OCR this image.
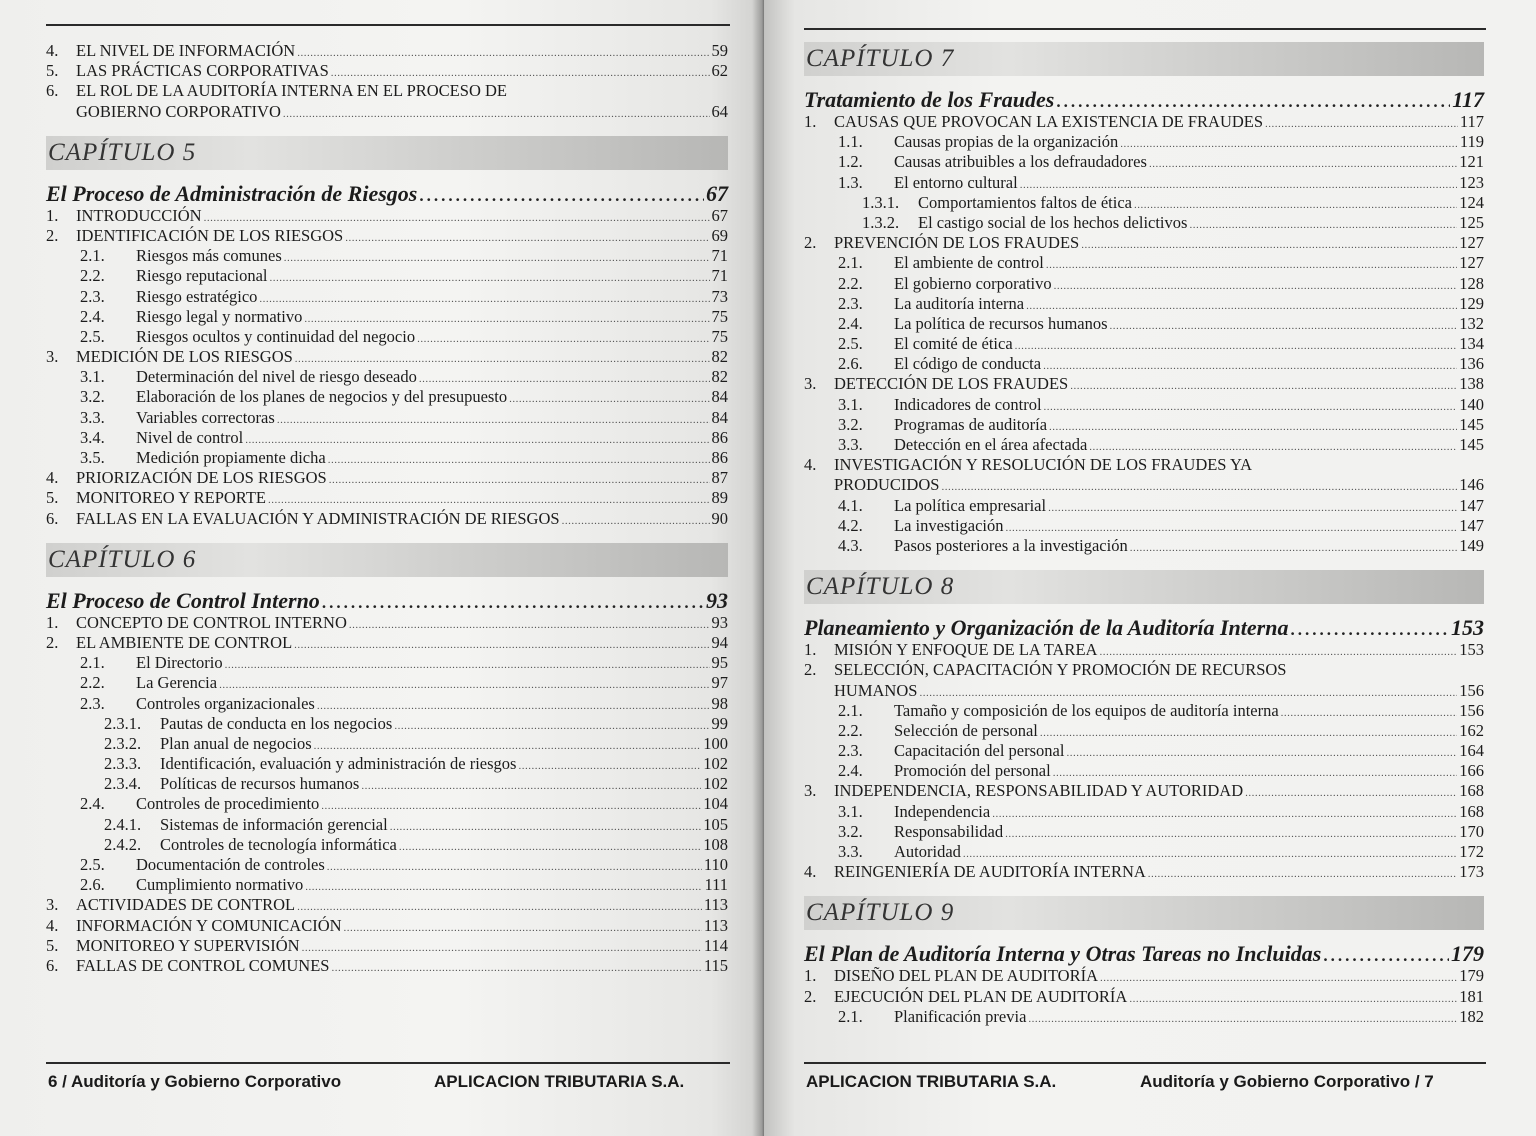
4.	EL NIVEL DE INFORMACIÓN .....	59
5.	LAS PRÁCTICAS CORPORATIVAS .....	62
6.	EL ROL DE LA AUDITORÍA INTERNA EN EL PROCESO DE
GOBIERNO CORPORATIVO .....	64
CAPÍTULO 5
El Proceso de Administración de Riesgos .....	67
1.	INTRODUCCIÓN .....	67
2.	IDENTIFICACIÓN DE LOS RIESGOS .....	69
2.1.	Riesgos más comunes .....	71
2.2.	Riesgo reputacional .....	71
2.3.	Riesgo estratégico .....	73
2.4.	Riesgo legal y normativo .....	75
2.5.	Riesgos ocultos y continuidad del negocio .....	75
3.	MEDICIÓN DE LOS RIESGOS .....	82
3.1.	Determinación del nivel de riesgo deseado .....	82
3.2.	Elaboración de los planes de negocios y del presupuesto .....	84
3.3.	Variables correctoras .....	84
3.4.	Nivel de control .....	86
3.5.	Medición propiamente dicha .....	86
4.	PRIORIZACIÓN DE LOS RIESGOS .....	87
5.	MONITOREO Y REPORTE .....	89
6.	FALLAS EN LA EVALUACIÓN Y ADMINISTRACIÓN DE RIESGOS .....	90
CAPÍTULO 6
El Proceso de Control Interno .....	93
1.	CONCEPTO DE CONTROL INTERNO .....	93
2.	EL AMBIENTE DE CONTROL .....	94
2.1.	El Directorio .....	95
2.2.	La Gerencia .....	97
2.3.	Controles organizacionales .....	98
2.3.1.	Pautas de conducta en los negocios .....	99
2.3.2.	Plan anual de negocios .....	100
2.3.3.	Identificación, evaluación y administración de riesgos .....	102
2.3.4.	Políticas de recursos humanos .....	102
2.4.	Controles de procedimiento .....	104
2.4.1.	Sistemas de información gerencial .....	105
2.4.2.	Controles de tecnología informática .....	108
2.5.	Documentación de controles .....	110
2.6.	Cumplimiento normativo .....	111
3.	ACTIVIDADES DE CONTROL .....	113
4.	INFORMACIÓN Y COMUNICACIÓN .....	113
5.	MONITOREO Y SUPERVISIÓN .....	114
6.	FALLAS DE CONTROL COMUNES .....	115
6 / Auditoría y Gobierno Corporativo	APLICACION TRIBUTARIA S.A.
CAPÍTULO 7
Tratamiento de los Fraudes .....	117
1.	CAUSAS QUE PROVOCAN LA EXISTENCIA DE FRAUDES .....	117
1.1.	Causas propias de la organización .....	119
1.2.	Causas atribuibles a los defraudadores .....	121
1.3.	El entorno cultural .....	123
1.3.1.	Comportamientos faltos de ética .....	124
1.3.2.	El castigo social de los hechos delictivos .....	125
2.	PREVENCIÓN DE LOS FRAUDES .....	127
2.1.	El ambiente de control .....	127
2.2.	El gobierno corporativo .....	128
2.3.	La auditoría interna .....	129
2.4.	La política de recursos humanos .....	132
2.5.	El comité de ética .....	134
2.6.	El código de conducta .....	136
3.	DETECCIÓN DE LOS FRAUDES .....	138
3.1.	Indicadores de control .....	140
3.2.	Programas de auditoría .....	145
3.3.	Detección en el área afectada .....	145
4.	INVESTIGACIÓN Y RESOLUCIÓN DE LOS FRAUDES YA
PRODUCIDOS .....	146
4.1.	La política empresarial .....	147
4.2.	La investigación .....	147
4.3.	Pasos posteriores a la investigación .....	149
CAPÍTULO 8
Planeamiento y Organización de la Auditoría Interna .....	153
1.	MISIÓN Y ENFOQUE DE LA TAREA .....	153
2.	SELECCIÓN, CAPACITACIÓN Y PROMOCIÓN DE RECURSOS
HUMANOS .....	156
2.1.	Tamaño y composición de los equipos de auditoría interna .....	156
2.2.	Selección de personal .....	162
2.3.	Capacitación del personal .....	164
2.4.	Promoción del personal .....	166
3.	INDEPENDENCIA, RESPONSABILIDAD Y AUTORIDAD .....	168
3.1.	Independencia .....	168
3.2.	Responsabilidad .....	170
3.3.	Autoridad .....	172
4.	REINGENIERÍA DE AUDITORÍA INTERNA .....	173
CAPÍTULO 9
El Plan de Auditoría Interna y Otras Tareas no Incluidas .....	179
1.	DISEÑO DEL PLAN DE AUDITORÍA .....	179
2.	EJECUCIÓN DEL PLAN DE AUDITORÍA .....	181
2.1.	Planificación previa .....	182
APLICACION TRIBUTARIA S.A.	Auditoría y Gobierno Corporativo / 7
